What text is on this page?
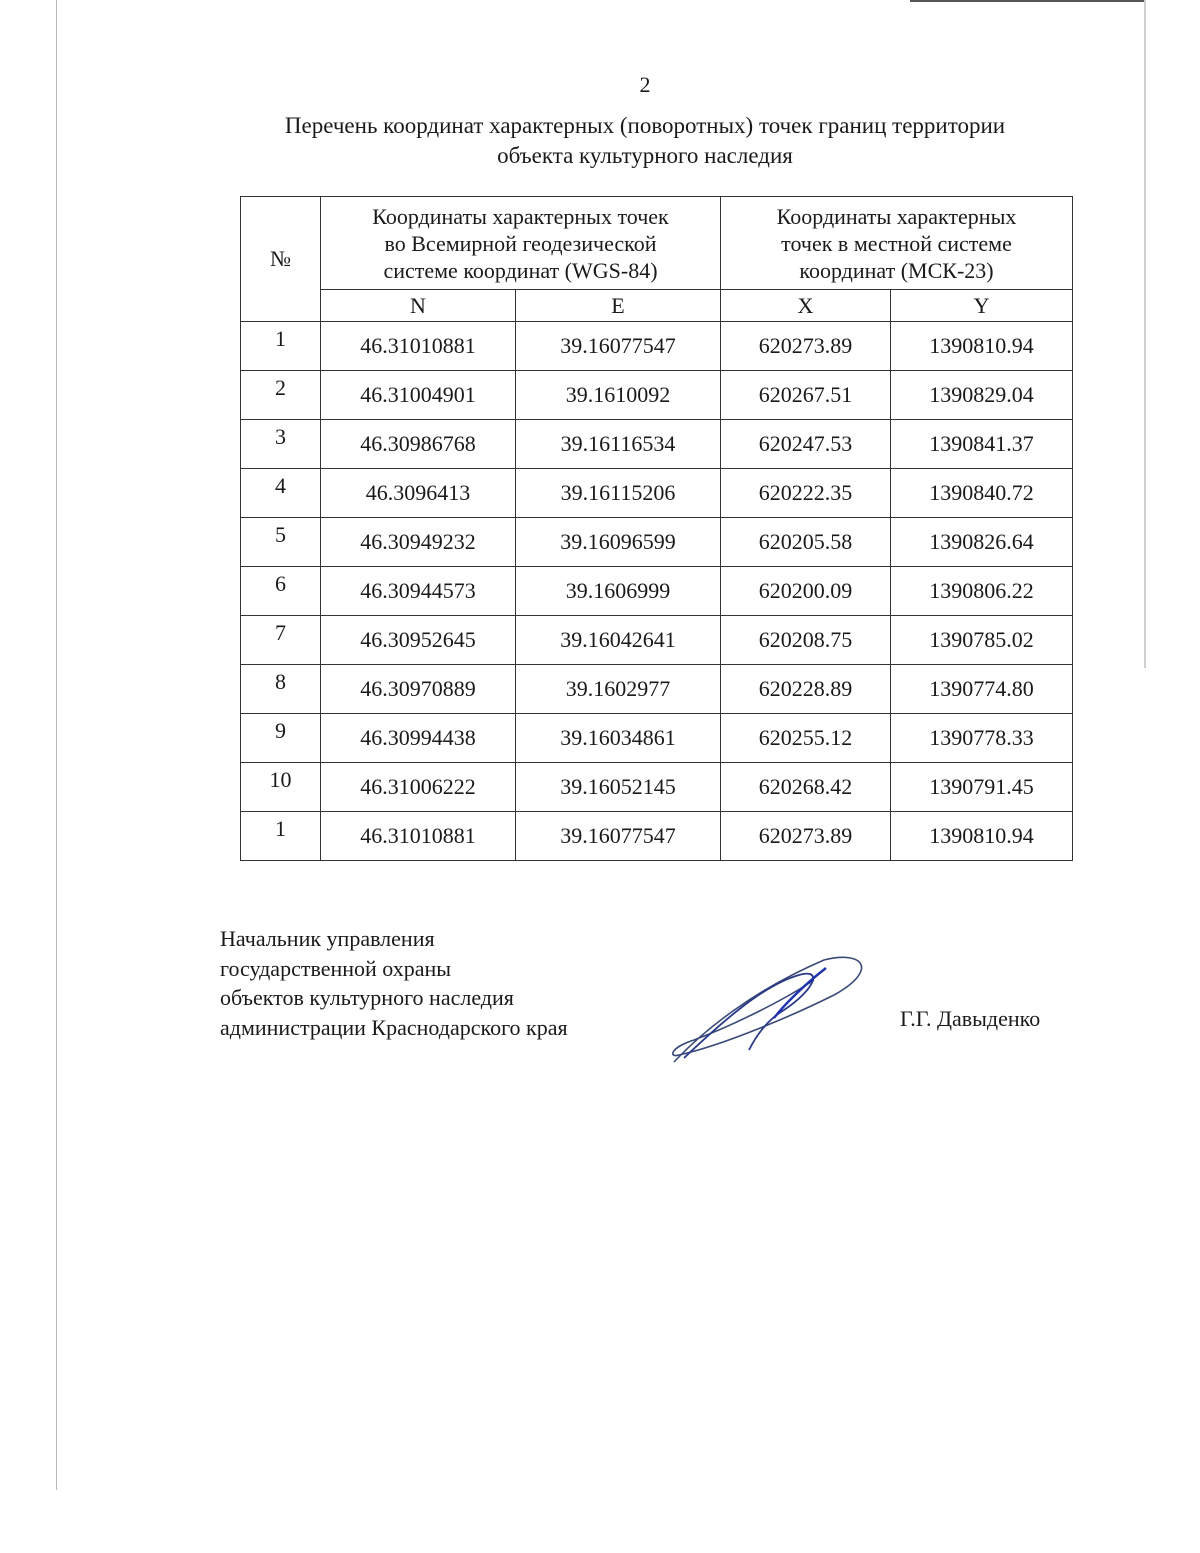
2
Перечень координат характерных (поворотных) точек границ территории
объекта культурного наследия
№	Координаты характерных точек
во Всемирной геодезической
системе координат (WGS-84)		Координаты характерных
точек в местной системе
координат (МСК-23)	
	N	E	X	Y
1	46.31010881	39.16077547	620273.89	1390810.94
2	46.31004901	39.1610092	620267.51	1390829.04
3	46.30986768	39.16116534	620247.53	1390841.37
4	46.3096413	39.16115206	620222.35	1390840.72
5	46.30949232	39.16096599	620205.58	1390826.64
6	46.30944573	39.1606999	620200.09	1390806.22
7	46.30952645	39.16042641	620208.75	1390785.02
8	46.30970889	39.1602977	620228.89	1390774.80
9	46.30994438	39.16034861	620255.12	1390778.33
10	46.31006222	39.16052145	620268.42	1390791.45
1	46.31010881	39.16077547	620273.89	1390810.94
Начальник управления
государственной охраны
объектов культурного наследия
администрации Краснодарского края	Г.Г. Давыденко
